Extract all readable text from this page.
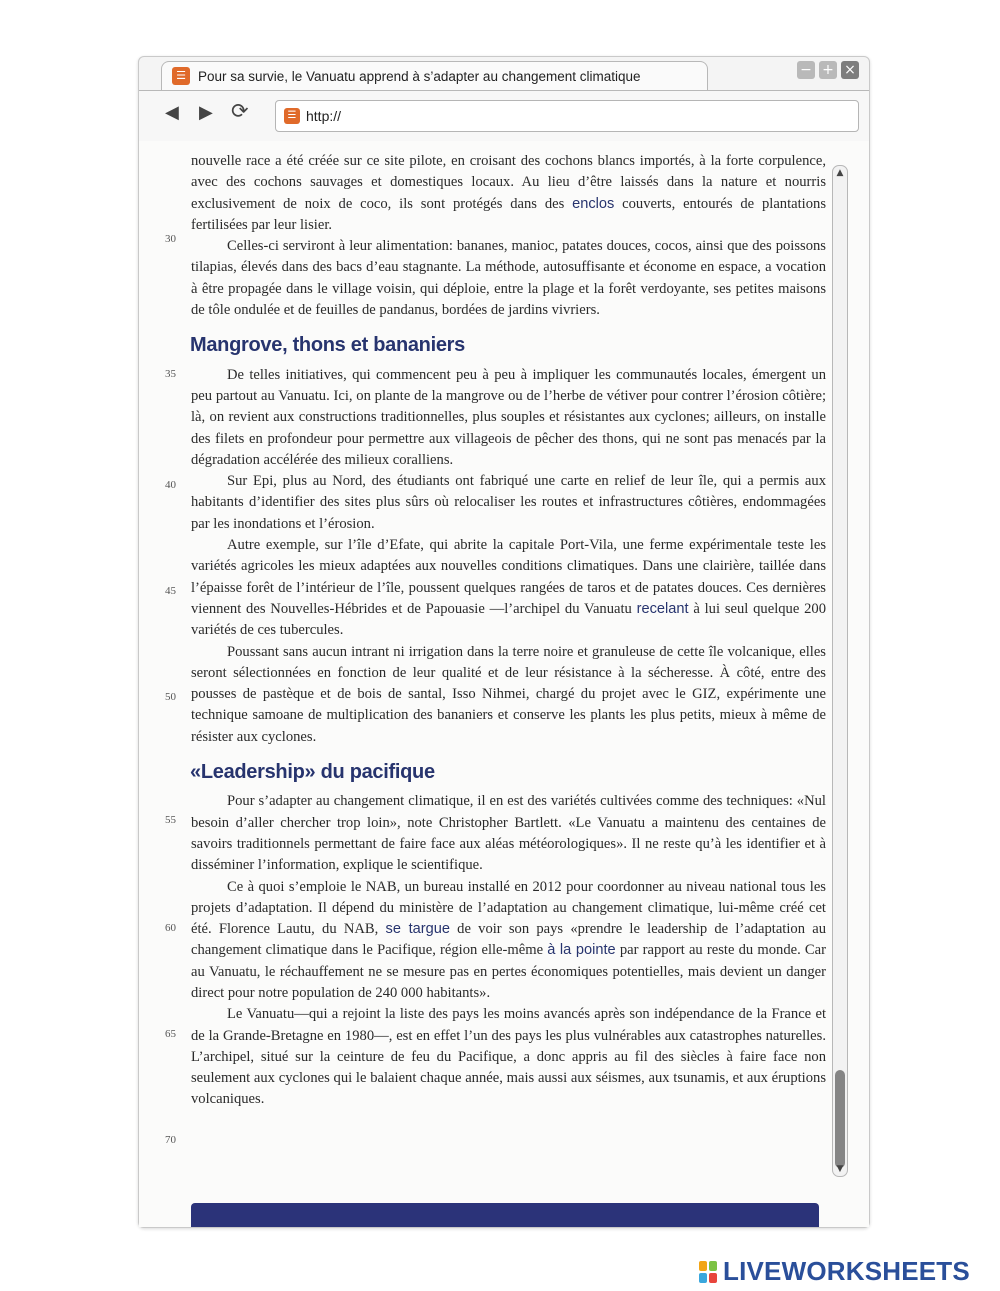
☰ Pour sa survie, le Vanuatu apprend à s’adapter au changement climatique	− + ×
◀ ▶ ⟳	☰ http://
30
35
40
45
50
55
60
65
70

nouvelle race a été créée sur ce site pilote, en croisant des cochons blancs importés, à la forte corpulence, avec des cochons sauvages et domestiques locaux. Au lieu d’être laissés dans la nature et nourris exclusivement de noix de coco, ils sont protégés dans des enclos couverts, entourés de plantations fertilisées par leur lisier.

Celles-ci serviront à leur alimentation: bananes, manioc, patates douces, cocos, ainsi que des poissons tilapias, élevés dans des bacs d’eau stagnante. La méthode, autosuffisante et économe en espace, a vocation à être propagée dans le village voisin, qui déploie, entre la plage et la forêt verdoyante, ses petites maisons de tôle ondulée et de feuilles de pandanus, bordées de jardins vivriers.

Mangrove, thons et bananiers

De telles initiatives, qui commencent peu à peu à impliquer les communautés locales, émergent un peu partout au Vanuatu. Ici, on plante de la mangrove ou de l’herbe de vétiver pour contrer l’érosion côtière; là, on revient aux constructions traditionnelles, plus souples et résistantes aux cyclones; ailleurs, on installe des filets en profondeur pour permettre aux villageois de pêcher des thons, qui ne sont pas menacés par la dégradation accélérée des milieux coralliens.

Sur Epi, plus au Nord, des étudiants ont fabriqué une carte en relief de leur île, qui a permis aux habitants d’identifier des sites plus sûrs où relocaliser les routes et infrastructures côtières, endommagées par les inondations et l’érosion.

Autre exemple, sur l’île d’Efate, qui abrite la capitale Port-Vila, une ferme expérimentale teste les variétés agricoles les mieux adaptées aux nouvelles conditions climatiques. Dans une clairière, taillée dans l’épaisse forêt de l’intérieur de l’île, poussent quelques rangées de taros et de patates douces. Ces dernières viennent des Nouvelles-Hébrides et de Papouasie —l’archipel du Vanuatu recelant à lui seul quelque 200 variétés de ces tubercules.

Poussant sans aucun intrant ni irrigation dans la terre noire et granuleuse de cette île volcanique, elles seront sélectionnées en fonction de leur qualité et de leur résistance à la sécheresse. À côté, entre des pousses de pastèque et de bois de santal, Isso Nihmei, chargé du projet avec le GIZ, expérimente une technique samoane de multiplication des bananiers et conserve les plants les plus petits, mieux à même de résister aux cyclones.

«Leadership» du pacifique

Pour s’adapter au changement climatique, il en est des variétés cultivées comme des techniques: «Nul besoin d’aller chercher trop loin», note Christopher Bartlett. «Le Vanuatu a maintenu des centaines de savoirs traditionnels permettant de faire face aux aléas météorologiques». Il ne reste qu’à les identifier et à disséminer l’information, explique le scientifique.

Ce à quoi s’emploie le NAB, un bureau installé en 2012 pour coordonner au niveau national tous les projets d’adaptation. Il dépend du ministère de l’adaptation au changement climatique, lui-même créé cet été. Florence Lautu, du NAB, se targue de voir son pays «prendre le leadership de l’adaptation au changement climatique dans le Pacifique, région elle-même à la pointe par rapport au reste du monde. Car au Vanuatu, le réchauffement ne se mesure pas en pertes économiques potentielles, mais devient un danger direct pour notre population de 240 000 habitants».

Le Vanuatu—qui a rejoint la liste des pays les moins avancés après son indépendance de la France et de la Grande-Bretagne en 1980—, est en effet l’un des pays les plus vulnérables aux catastrophes naturelles. L’archipel, situé sur la ceinture de feu du Pacifique, a donc appris au fil des siècles à faire face non seulement aux cyclones qui le balaient chaque année, mais aussi aux séismes, aux tsunamis, et aux éruptions volcaniques.

▲
▼
LIVEWORKSHEETS
